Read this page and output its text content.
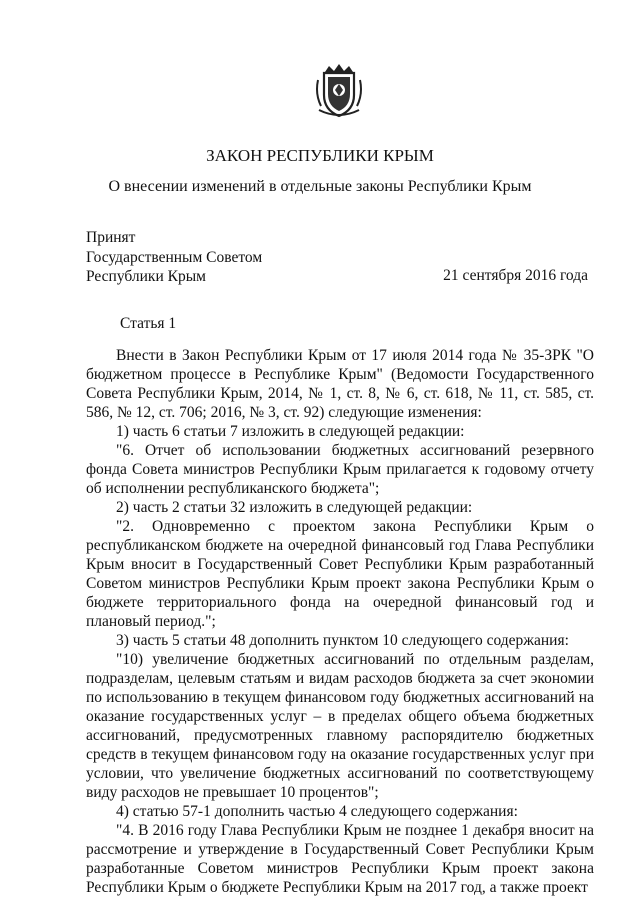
ЗАКОН РЕСПУБЛИКИ КРЫМ
О внесении изменений в отдельные законы Республики Крым
Принят
Государственным Советом
Республики Крым	21 сентября 2016 года
Статья 1

Внести в Закон Республики Крым от 17 июля 2014 года № 35-ЗРК "О бюджетном процессе в Республике Крым" (Ведомости Государственного Совета Республики Крым, 2014, № 1, ст. 8, № 6, ст. 618, № 11, ст. 585, ст. 586, № 12, ст. 706; 2016, № 3, ст. 92) следующие изменения:

1) часть 6 статьи 7 изложить в следующей редакции:

"6. Отчет об использовании бюджетных ассигнований резервного фонда Совета министров Республики Крым прилагается к годовому отчету об исполнении республиканского бюджета";

2) часть 2 статьи 32 изложить в следующей редакции:

"2. Одновременно с проектом закона Республики Крым о республиканском бюджете на очередной финансовый год Глава Республики Крым вносит в Государственный Совет Республики Крым разработанный Советом министров Республики Крым проект закона Республики Крым о бюджете территориального фонда на очередной финансовый год и плановый период.";

3) часть 5 статьи 48 дополнить пунктом 10 следующего содержания:

"10) увеличение бюджетных ассигнований по отдельным разделам, подразделам, целевым статьям и видам расходов бюджета за счет экономии по использованию в текущем финансовом году бюджетных ассигнований на оказание государственных услуг – в пределах общего объема бюджетных ассигнований, предусмотренных главному распорядителю бюджетных средств в текущем финансовом году на оказание государственных услуг при условии, что увеличение бюджетных ассигнований по соответствующему виду расходов не превышает 10 процентов";

4) статью 57-1 дополнить частью 4 следующего содержания:

"4. В 2016 году Глава Республики Крым не позднее 1 декабря вносит на рассмотрение и утверждение в Государственный Совет Республики Крым разработанные Советом министров Республики Крым проект закона Республики Крым о бюджете Республики Крым на 2017 год, а также проект
